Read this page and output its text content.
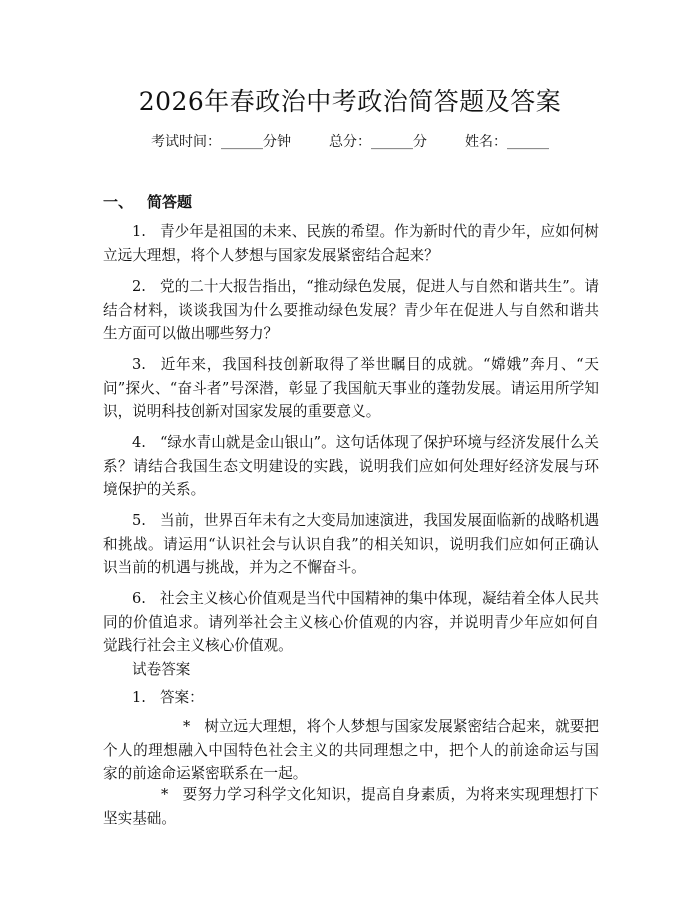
2026年春政治中考政治简答题及答案
考试时间：______分钟	总分：______分	姓名：______
一、 简答题

1. 青少年是祖国的未来、民族的希望。作为新时代的青少年，应如何树立远大理想，将个人梦想与国家发展紧密结合起来？

2. 党的二十大报告指出，“推动绿色发展，促进人与自然和谐共生”。请结合材料，谈谈我国为什么要推动绿色发展？青少年在促进人与自然和谐共生方面可以做出哪些努力？

3. 近年来，我国科技创新取得了举世瞩目的成就。“嫦娥”奔月、“天问”探火、“奋斗者”号深潜，彰显了我国航天事业的蓬勃发展。请运用所学知识，说明科技创新对国家发展的重要意义。

4. “绿水青山就是金山银山”。这句话体现了保护环境与经济发展什么关系？请结合我国生态文明建设的实践，说明我们应如何处理好经济发展与环境保护的关系。

5. 当前，世界百年未有之大变局加速演进，我国发展面临新的战略机遇和挑战。请运用“认识社会与认识自我”的相关知识，说明我们应如何正确认识当前的机遇与挑战，并为之不懈奋斗。

6. 社会主义核心价值观是当代中国精神的集中体现，凝结着全体人民共同的价值追求。请列举社会主义核心价值观的内容，并说明青少年应如何自觉践行社会主义核心价值观。

试卷答案
1. 答案：

* 树立远大理想，将个人梦想与国家发展紧密结合起来，就要把个人的理想融入中国特色社会主义的共同理想之中，把个人的前途命运与国家的前途命运紧密联系在一起。

* 要努力学习科学文化知识，提高自身素质，为将来实现理想打下坚实基础。
